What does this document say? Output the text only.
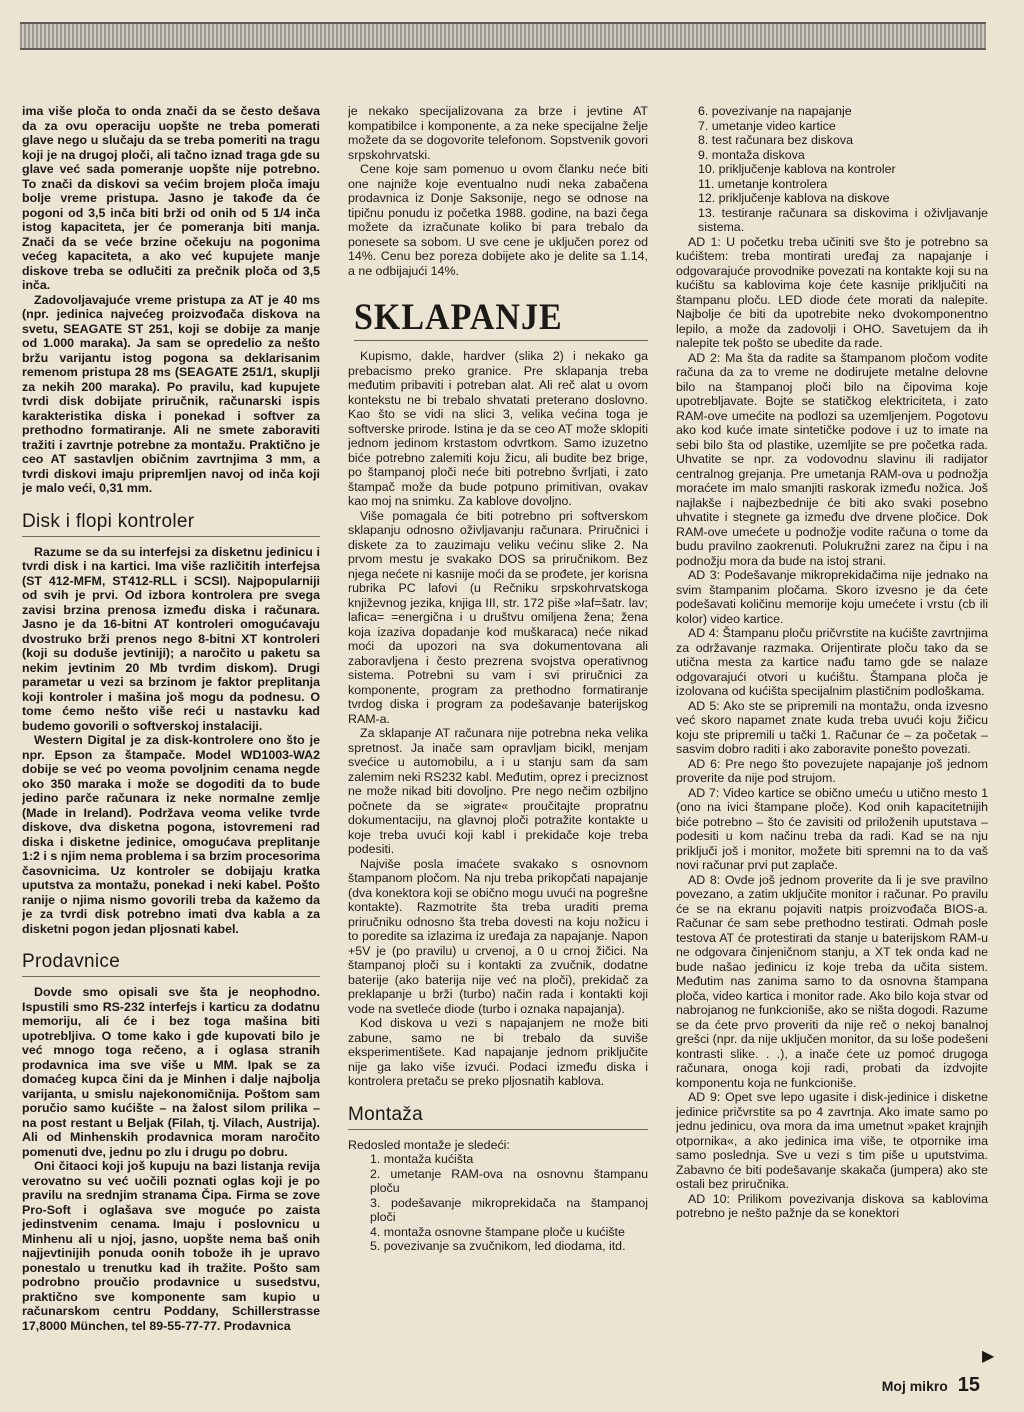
ima više ploča to onda znači da se često dešava da za ovu operaciju uopšte ne treba pomerati glave nego u slučaju da se treba pomeriti na tragu koji je na drugoj ploči, ali tačno iznad traga gde su glave već sada pomeranje uopšte nije potrebno. To znači da diskovi sa većim brojem ploča imaju bolje vreme pristupa. Jasno je takođe da će pogoni od 3,5 inča biti brži od onih od 5 1/4 inča istog kapaciteta, jer će pomeranja biti manja. Znači da se veće brzine očekuju na pogonima većeg kapaciteta, a ako već kupujete manje diskove treba se odlučiti za prečnik ploča od 3,5 inča.

Zadovoljavajuće vreme pristupa za AT je 40 ms (npr. jedinica najvećeg proizvođača diskova na svetu, SEAGATE ST 251, koji se dobije za manje od 1.000 maraka). Ja sam se opredelio za nešto bržu varijantu istog pogona sa deklarisanim remenom pristupa 28 ms (SEAGATE 251/1, skuplji za nekih 200 maraka). Po pravilu, kad kupujete tvrdi disk dobijate priručnik, računarski ispis karakteristika diska i ponekad i softver za prethodno formatiranje. Ali ne smete zaboraviti tražiti i zavrtnje potrebne za montažu. Praktično je ceo AT sastavljen običnim zavrtnjima 3 mm, a tvrdi diskovi imaju pripremljen navoj od inča koji je malo veći, 0,31 mm.

Disk i flopi kontroler

Razume se da su interfejsi za disketnu jedinicu i tvrdi disk i na kartici. Ima više različitih interfejsa (ST 412-MFM, ST412-RLL i SCSI). Najpopularniji od svih je prvi. Od izbora kontrolera pre svega zavisi brzina prenosa između diska i računara. Jasno je da 16-bitni AT kontroleri omogućavaju dvostruko brži prenos nego 8-bitni XT kontroleri (koji su doduše jevtiniji); a naročito u paketu sa nekim jevtinim 20 Mb tvrdim diskom). Drugi parametar u vezi sa brzinom je faktor preplitanja koji kontroler i mašina još mogu da podnesu. O tome ćemo nešto više reći u nastavku kad budemo govorili o softverskoj instalaciji.

Western Digital je za disk-kontrolere ono što je npr. Epson za štampače. Model WD1003-WA2 dobije se već po veoma povoljnim cenama negde oko 350 maraka i može se dogoditi da to bude jedino parče računara iz neke normalne zemlje (Made in Ireland). Podržava veoma velike tvrde diskove, dva disketna pogona, istovremeni rad diska i disketne jedinice, omogućava preplitanje 1:2 i s njim nema problema i sa brzim procesorima časovnicima. Uz kontroler se dobijaju kratka uputstva za montažu, ponekad i neki kabel. Pošto ranije o njima nismo govorili treba da kažemo da je za tvrdi disk potrebno imati dva kabla a za disketni pogon jedan pljosnati kabel.

Prodavnice

Dovde smo opisali sve šta je neophodno. Ispustili smo RS-232 interfejs i karticu za dodatnu memoriju, ali će i bez toga mašina biti upotrebljiva. O tome kako i gde kupovati bilo je već mnogo toga rečeno, a i oglasa stranih prodavnica ima sve više u MM. Ipak se za domaćeg kupca čini da je Minhen i dalje najbolja varijanta, u smislu najekonomičnija. Poštom sam poručio samo kućište – na žalost silom prilika – na post restant u Beljak (Filah, tj. Vilach, Austrija). Ali od Minhenskih prodavnica moram naročito pomenuti dve, jednu po zlu i drugu po dobru.

Oni čitaoci koji još kupuju na bazi listanja revija verovatno su već uočili poznati oglas koji je po pravilu na srednjim stranama Čipa. Firma se zove Pro-Soft i oglašava sve moguće po zaista jedinstvenim cenama. Imaju i poslovnicu u Minhenu ali u njoj, jasno, uopšte nema baš onih najjevtinijih ponuda oonih tobože ih je upravo ponestalo u trenutku kad ih tražite. Pošto sam podrobno proučio prodavnice u susedstvu, praktično sve komponente sam kupio u računarskom centru Poddany, Schillerstrasse 17,8000 München, tel 89-55-77-77. Prodavnica

je nekako specijalizovana za brze i jevtine AT kompatibilce i komponente, a za neke specijalne želje možete da se dogovorite telefonom. Sopstvenik govori srpskohrvatski.

Cene koje sam pomenuo u ovom članku neće biti one najniže koje eventualno nudi neka zabačena prodavnica iz Donje Saksonije, nego se odnose na tipičnu ponudu iz početka 1988. godine, na bazi čega možete da izračunate koliko bi para trebalo da ponesete sa sobom. U sve cene je uključen porez od 14%. Cenu bez poreza dobijete ako je delite sa 1.14, a ne odbijajući 14%.

SKLAPANJE

Kupismo, dakle, hardver (slika 2) i nekako ga prebacismo preko granice. Pre sklapanja treba međutim pribaviti i potreban alat. Ali reč alat u ovom kontekstu ne bi trebalo shvatati preterano doslovno. Kao što se vidi na slici 3, velika većina toga je softverske prirode. Istina je da se ceo AT može sklopiti jednom jedinom krstastom odvrtkom. Samo izuzetno biće potrebno zalemiti koju žicu, ali budite bez brige, po štampanoj ploči neće biti potrebno švrljati, i zato štampač može da bude potpuno primitivan, ovakav kao moj na snimku. Za kablove dovoljno.

Više pomagala će biti potrebno pri softverskom sklapanju odnosno oživljavanju računara. Priručnici i diskete za to zauzimaju veliku većinu slike 2. Na prvom mestu je svakako DOS sa priručnikom. Bez njega nećete ni kasnije moći da se prođete, jer korisna rubrika PC lafovi (u Rečniku srpskohrvatskoga književnog jezika, knjiga III, str. 172 piše »laf=šatr. lav; lafica= =energična i u društvu omiljena žena; žena koja izaziva dopadanje kod muškaraca) neće nikad moći da upozori na sva dokumentovana ali zaboravljena i često prezrena svojstva operativnog sistema. Potrebni su vam i svi priručnici za komponente, program za prethodno formatiranje tvrdog diska i program za podešavanje baterijskog RAM-a.

Za sklapanje AT računara nije potrebna neka velika spretnost. Ja inače sam opravljam bicikl, menjam svećice u automobilu, a i u stanju sam da sam zalemim neki RS232 kabl. Međutim, oprez i preciznost ne može nikad biti dovoljno. Pre nego nečim ozbiljno počnete da se »igrate« proučitajte propratnu dokumentaciju, na glavnoj ploči potražite kontakte u koje treba uvući koji kabl i prekidače koje treba podesiti.

Najviše posla imaćete svakako s osnovnom štampanom pločom. Na nju treba prikopčati napajanje (dva konektora koji se obično mogu uvući na pogrešne kontakte). Razmotrite šta treba uraditi prema priručniku odnosno šta treba dovesti na koju nožicu i to poredite sa izlazima iz uređaja za napajanje. Napon +5V je (po pravilu) u crvenoj, a 0 u crnoj žičici. Na štampanoj ploči su i kontakti za zvučnik, dodatne baterije (ako baterija nije već na ploči), prekidač za preklapanje u brži (turbo) način rada i kontakti koji vode na svetleće diode (turbo i oznaka napajanja).

Kod diskova u vezi s napajanjem ne može biti zabune, samo ne bi trebalo da suviše eksperimentišete. Kad napajanje jednom priključite nije ga lako više izvući. Podaci između diska i kontrolera pretaču se preko pljosnatih kablova.

Montaža

Redosled montaže je sledeći:

1. montaža kućišta

2. umetanje RAM-ova na osnovnu štampanu ploču

3. podešavanje mikroprekidača na štampanoj ploči

4. montaža osnovne štampane ploče u kućište

5. povezivanje sa zvučnikom, led diodama, itd.

6. povezivanje na napajanje

7. umetanje video kartice

8. test računara bez diskova

9. montaža diskova

10. priključenje kablova na kontroler

11. umetanje kontrolera

12. priključenje kablova na diskove

13. testiranje računara sa diskovima i oživljavanje sistema.

AD 1: U početku treba učiniti sve što je potrebno sa kućištem: treba montirati uređaj za napajanje i odgovarajuće provodnike povezati na kontakte koji su na kućištu sa kablovima koje ćete kasnije priključiti na štampanu ploču. LED diode ćete morati da nalepite. Najbolje će biti da upotrebite neko dvokomponentno lepilo, a može da zadovolji i OHO. Savetujem da ih nalepite tek pošto se ubedite da rade.

AD 2: Ma šta da radite sa štampanom pločom vodite računa da za to vreme ne dodirujete metalne delovne bilo na štampanoj ploči bilo na čipovima koje upotrebljavate. Bojte se statičkog elektriciteta, i zato RAM-ove umećite na podlozi sa uzemljenjem. Pogotovu ako kod kuće imate sintetičke podove i uz to imate na sebi bilo šta od plastike, uzemljite se pre početka rada. Uhvatite se npr. za vodovodnu slavinu ili radijator centralnog grejanja. Pre umetanja RAM-ova u podnožja moraćete im malo smanjiti raskorak između nožica. Još najlakše i najbezbednije će biti ako svaki posebno uhvatite i stegnete ga između dve drvene pločice. Dok RAM-ove umećete u podnožje vodite računa o tome da budu pravilno zaokrenuti. Polukružni zarez na čipu i na podnožju mora da bude na istoj strani.

AD 3: Podešavanje mikroprekidačima nije jednako na svim štampanim pločama. Skoro izvesno je da ćete podešavati količinu memorije koju umećete i vrstu (cb ili kolor) video kartice.

AD 4: Štampanu ploču pričvrstite na kućište zavrtnjima za održavanje razmaka. Orijentirate ploču tako da se utična mesta za kartice nađu tamo gde se nalaze odgovarajući otvori u kućištu. Štampana ploča je izolovana od kućišta specijalnim plastičnim podloškama.

AD 5: Ako ste se pripremili na montažu, onda izvesno već skoro napamet znate kuda treba uvući koju žičicu koju ste pripremili u tački 1. Računar će – za početak – sasvim dobro raditi i ako zaboravite ponešto povezati.

AD 6: Pre nego što povezujete napajanje još jednom proverite da nije pod strujom.

AD 7: Video kartice se obično umeću u utično mesto 1 (ono na ivici štampane ploče). Kod onih kapacitetnijih biće potrebno – što će zavisiti od priloženih uputstava – podesiti u kom načinu treba da radi. Kad se na nju priključi još i monitor, možete biti spremni na to da vaš novi računar prvi put zaplače.

AD 8: Ovde još jednom proverite da li je sve pravilno povezano, a zatim uključite monitor i računar. Po pravilu će se na ekranu pojaviti natpis proizvođača BIOS-a. Računar će sam sebe prethodno testirati. Odmah posle testova AT će protestirati da stanje u baterijskom RAM-u ne odgovara činjeničnom stanju, a XT tek onda kad ne bude našao jedinicu iz koje treba da učita sistem. Međutim nas zanima samo to da osnovna štampana ploča, video kartica i monitor rade. Ako bilo koja stvar od nabrojanog ne funkcioniše, ako se ništa dogodi. Razume se da ćete prvo proveriti da nije reč o nekoj banalnoj grešci (npr. da nije uključen monitor, da su loše podešeni kontrasti slike. . .), a inače ćete uz pomoć drugoga računara, onoga koji radi, probati da izdvojite komponentu koja ne funkcioniše.

AD 9: Opet sve lepo ugasite i disk-jedinice i disketne jedinice pričvrstite sa po 4 zavrtnja. Ako imate samo po jednu jedinicu, ova mora da ima umetnut »paket krajnjih otpornika«, a ako jedinica ima više, te otpornike ima samo poslednja. Sve u vezi s tim piše u uputstvima. Zabavno će biti podešavanje skakača (jumpera) ako ste ostali bez priručnika.

AD 10: Prilikom povezivanja diskova sa kablovima potrebno je nešto pažnje da se konektori

▶
Moj mikro 15
